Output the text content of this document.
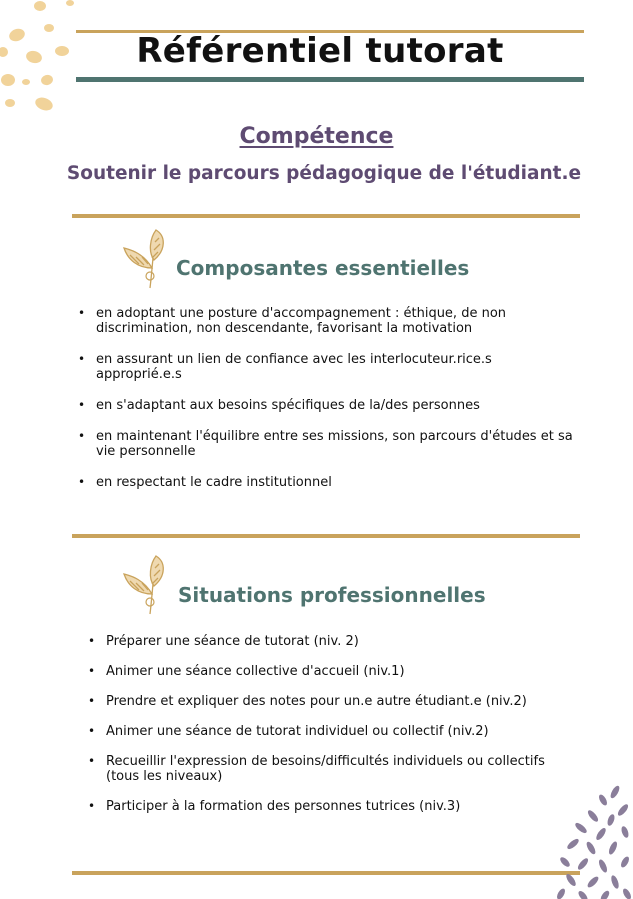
Référentiel tutorat
Compétence
Soutenir le parcours pédagogique de l'étudiant.e
Composantes essentielles
• en adoptant une posture d'accompagnement : éthique, de non discrimination, non descendante, favorisant la motivation
• en assurant un lien de confiance avec les interlocuteur.rice.s approprié.e.s
• en s'adaptant aux besoins spécifiques de la/des personnes
• en maintenant l'équilibre entre ses missions, son parcours d'études et sa vie personnelle
• en respectant le cadre institutionnel
Situations professionnelles
• Préparer une séance de tutorat (niv. 2)
• Animer une séance collective d'accueil (niv.1)
• Prendre et expliquer des notes pour un.e autre étudiant.e (niv.2)
• Animer une séance de tutorat individuel ou collectif (niv.2)
• Recueillir l'expression de besoins/difficultés individuels ou collectifs (tous les niveaux)
• Participer à la formation des personnes tutrices (niv.3)
